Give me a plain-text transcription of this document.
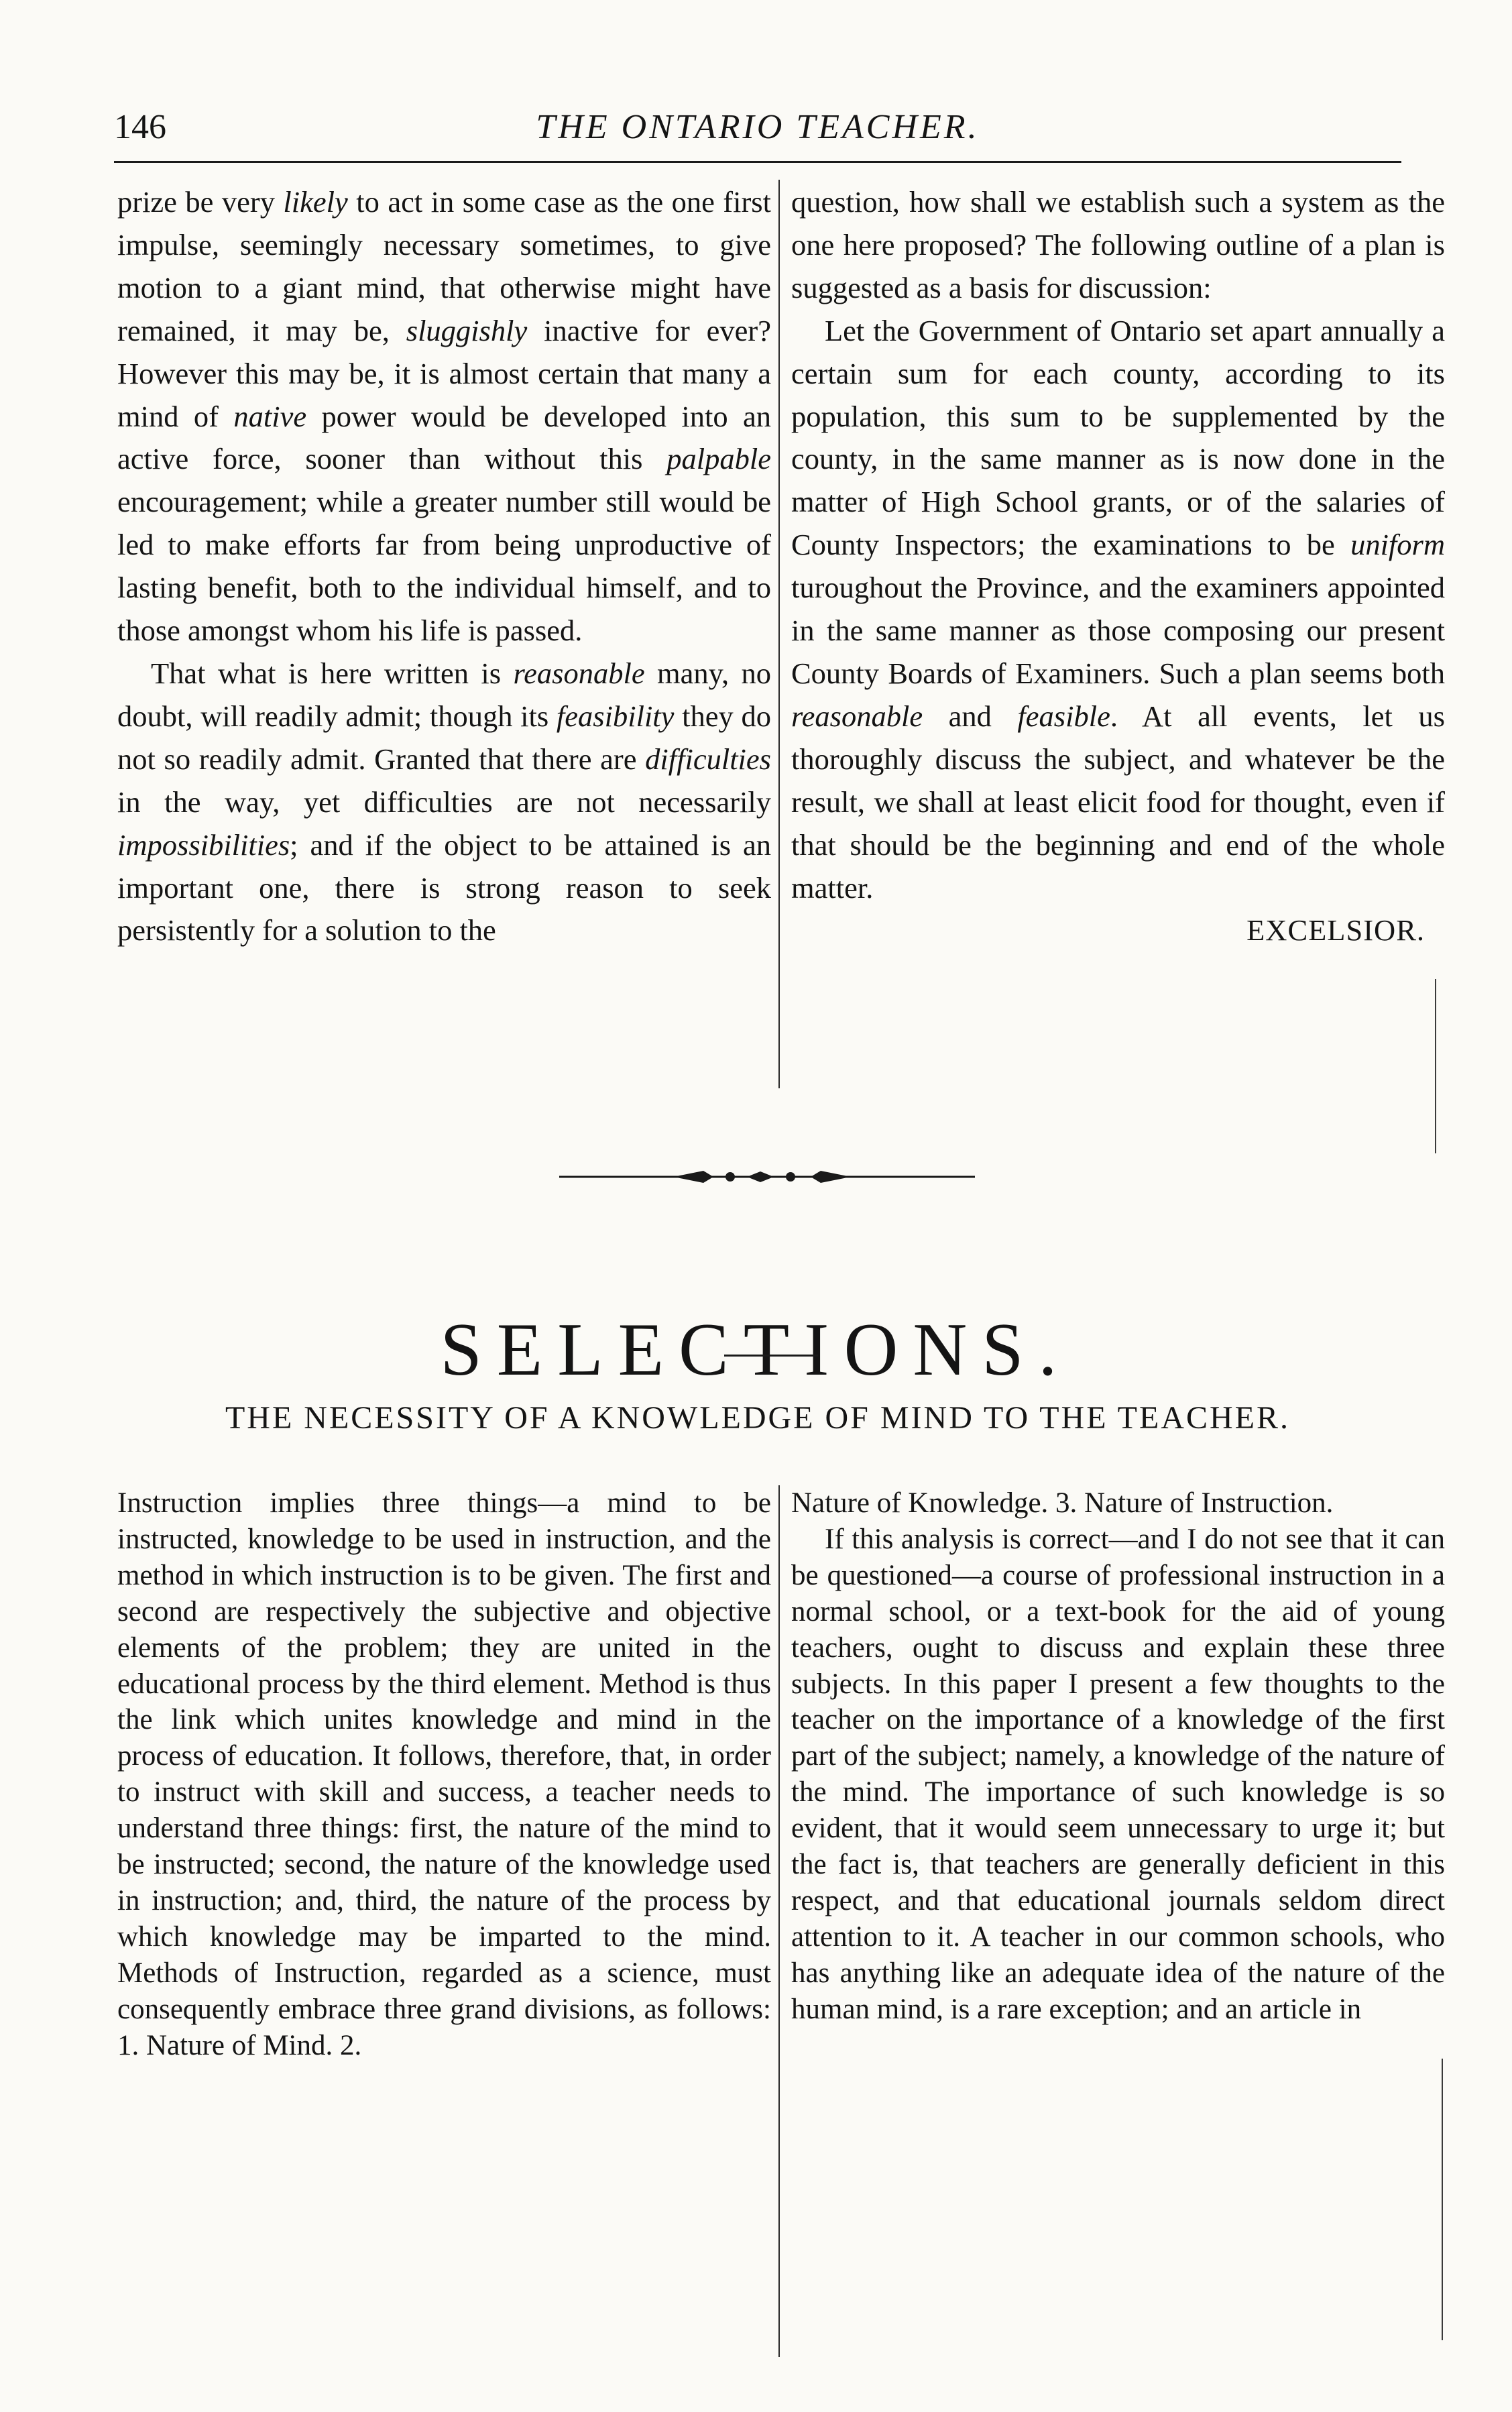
146	THE ONTARIO TEACHER.

prize be very likely to act in some case as the one first impulse, seemingly necessary sometimes, to give motion to a giant mind, that otherwise might have remained, it may be, sluggishly inactive for ever? However this may be, it is almost certain that many a mind of native power would be developed into an active force, sooner than without this palpable encouragement; while a greater number still would be led to make efforts far from being unproductive of lasting benefit, both to the individual himself, and to those amongst whom his life is passed.

That what is here written is reasonable many, no doubt, will readily admit; though its feasibility they do not so readily admit. Granted that there are difficulties in the way, yet difficulties are not necessarily impossibilities; and if the object to be attained is an important one, there is strong reason to seek persistently for a solution to the

question, how shall we establish such a system as the one here proposed? The following outline of a plan is suggested as a basis for discussion:

Let the Government of Ontario set apart annually a certain sum for each county, according to its population, this sum to be supplemented by the county, in the same manner as is now done in the matter of High School grants, or of the salaries of County Inspectors; the examinations to be uniform turoughout the Province, and the examiners appointed in the same manner as those composing our present County Boards of Examiners. Such a plan seems both reasonable and feasible. At all events, let us thoroughly discuss the subject, and whatever be the result, we shall at least elicit food for thought, even if that should be the beginning and end of the whole matter.

EXCELSIOR.
SELECTIONS.
THE NECESSITY OF A KNOWLEDGE OF MIND TO THE TEACHER.

Instruction implies three things—a mind to be instructed, knowledge to be used in instruction, and the method in which instruction is to be given. The first and second are respectively the subjective and objective elements of the problem; they are united in the educational process by the third element. Method is thus the link which unites knowledge and mind in the process of education. It follows, therefore, that, in order to instruct with skill and success, a teacher needs to understand three things: first, the nature of the mind to be instructed; second, the nature of the knowledge used in instruction; and, third, the nature of the process by which knowledge may be imparted to the mind. Methods of Instruction, regarded as a science, must consequently embrace three grand divisions, as follows: 1. Nature of Mind. 2.

Nature of Knowledge. 3. Nature of Instruction.

If this analysis is correct—and I do not see that it can be questioned—a course of professional instruction in a normal school, or a text-book for the aid of young teachers, ought to discuss and explain these three subjects. In this paper I present a few thoughts to the teacher on the importance of a knowledge of the first part of the subject; namely, a knowledge of the nature of the mind. The importance of such knowledge is so evident, that it would seem unnecessary to urge it; but the fact is, that teachers are generally deficient in this respect, and that educational journals seldom direct attention to it. A teacher in our common schools, who has anything like an adequate idea of the nature of the human mind, is a rare exception; and an article in
